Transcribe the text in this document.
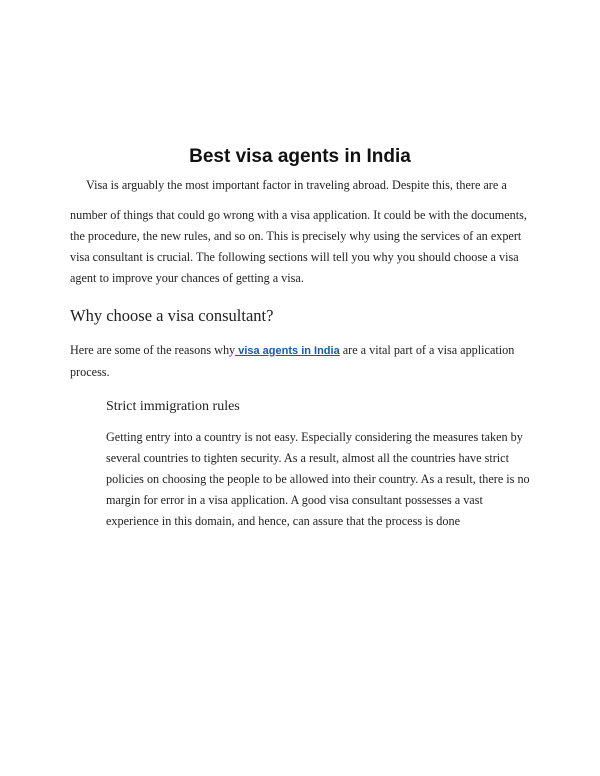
Best visa agents in India
Visa is arguably the most important factor in traveling abroad. Despite this, there are a

number of things that could go wrong with a visa application. It could be with the documents, the procedure, the new rules, and so on. This is precisely why using the services of an expert visa consultant is crucial. The following sections will tell you why you should choose a visa agent to improve your chances of getting a visa.

Why choose a visa consultant?

Here are some of the reasons why visa agents in India are a vital part of a visa application process.

Strict immigration rules

Getting entry into a country is not easy. Especially considering the measures taken by several countries to tighten security. As a result, almost all the countries have strict policies on choosing the people to be allowed into their country. As a result, there is no margin for error in a visa application. A good visa consultant possesses a vast experience in this domain, and hence, can assure that the process is done
